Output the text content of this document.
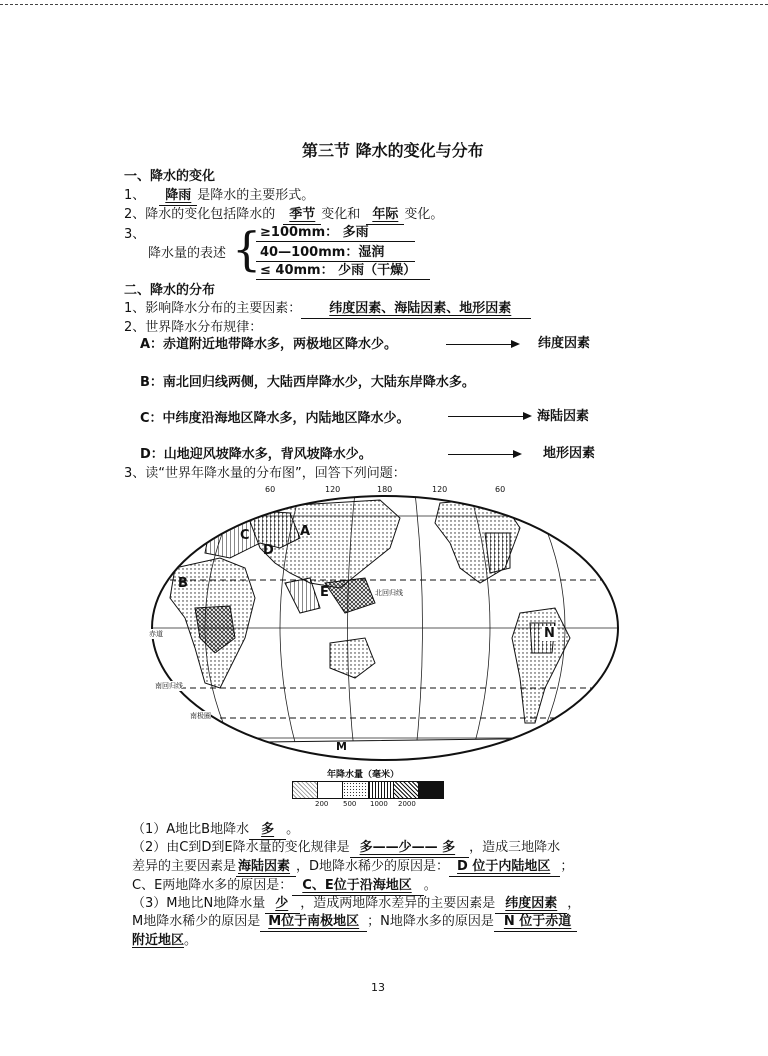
第三节 降水的变化与分布
一、降水的变化
1、 降雨 是降水的主要形式。
2、降水的变化包括降水的 季节 变化和 年际 变化。
3、
降水量的表述 {
≥100mm： 多雨
40—100mm：湿润
≤ 40mm： 少雨（干燥）
二、降水的分布
1、影响降水分布的主要因素： 纬度因素、海陆因素、地形因素
2、世界降水分布规律：
A：赤道附近地带降水多，两极地区降水少。	纬度因素
B：南北回归线两侧，大陆西岸降水少，大陆东岸降水多。
C：中纬度沿海地区降水多，内陆地区降水少。	海陆因素
D：山地迎风坡降水多，背风坡降水少。	地形因素
3、读“世界年降水量的分布图”，回答下列问题：
60	120	180	120	60
A
B
C
D
E
N
M
北回归线
赤道
南回归线
南极圈
年降水量（毫米）
200 500 1000 2000
（1）A地比B地降水 多 。
（2）由C到D到E降水量的变化规律是 多——少—— 多 ，造成三地降水
差异的主要因素是 海陆因素 ，D地降水稀少的原因是： D 位于内陆地区 ；
C、E两地降水多的原因是： C、E位于沿海地区 。
（3）M地比N地降水量 少 ，造成两地降水差异的主要因素是 纬度因素 ，
M地降水稀少的原因是 M位于南极地区 ；N地降水多的原因是 N 位于赤道
附近地区。
13
